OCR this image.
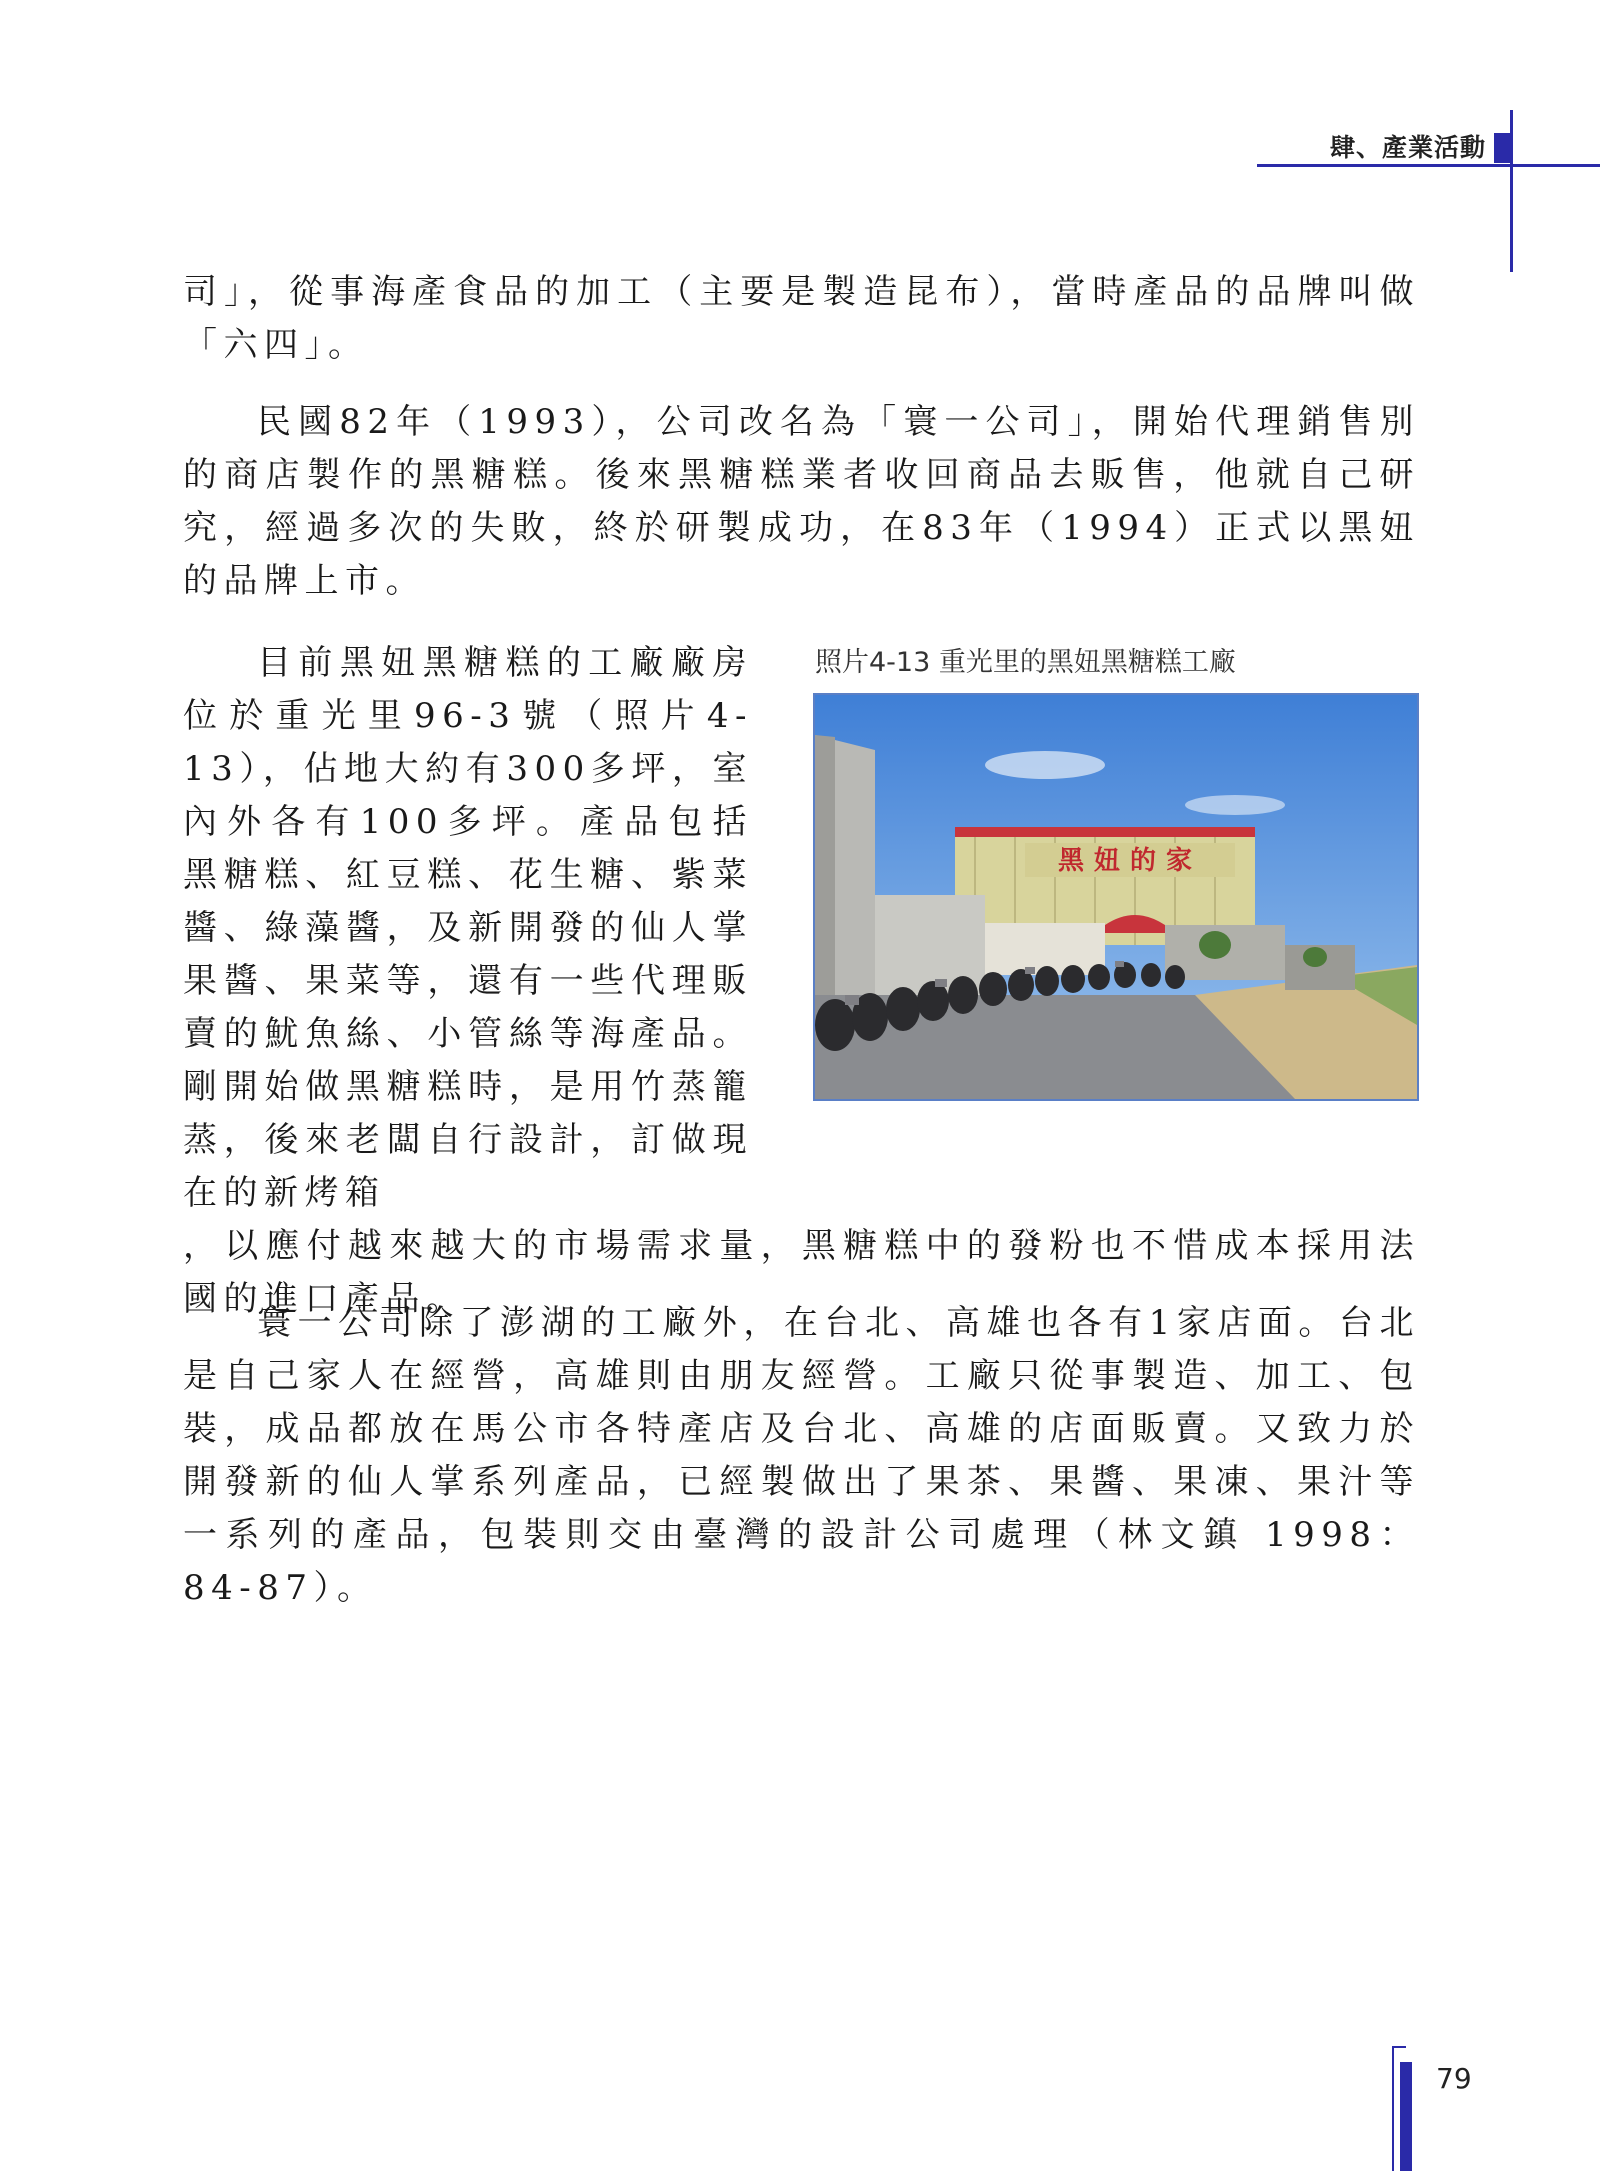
肆、產業活動

司」，從事海產食品的加工（主要是製造昆布），當時產品的品牌叫做「六四」。

民國82年（1993），公司改名為「寰一公司」，開始代理銷售別的商店製作的黑糖糕。後來黑糖糕業者收回商品去販售，他就自己研究，經過多次的失敗，終於研製成功，在83年（1994）正式以黑妞的品牌上市。

目前黑妞黑糖糕的工廠廠房位於重光里96-3號（照片4-13），佔地大約有300多坪，室內外各有100多坪。產品包括黑糖糕、紅豆糕、花生糖、紫菜醬、綠藻醬，及新開發的仙人掌果醬、果菜等，還有一些代理販賣的魷魚絲、小管絲等海產品。剛開始做黑糖糕時，是用竹蒸籠蒸，後來老闆自行設計，訂做現在的新烤箱

，以應付越來越大的市場需求量，黑糖糕中的發粉也不惜成本採用法國的進口產品。

照片4-13 重光里的黑妞黑糖糕工廠
黑妞的家

寰一公司除了澎湖的工廠外，在台北、高雄也各有1家店面。台北是自己家人在經營，高雄則由朋友經營。工廠只從事製造、加工、包裝，成品都放在馬公市各特產店及台北、高雄的店面販賣。又致力於開發新的仙人掌系列產品，已經製做出了果茶、果醬、果凍、果汁等一系列的產品，包裝則交由臺灣的設計公司處理（林文鎮 1998：84-87）。

79
